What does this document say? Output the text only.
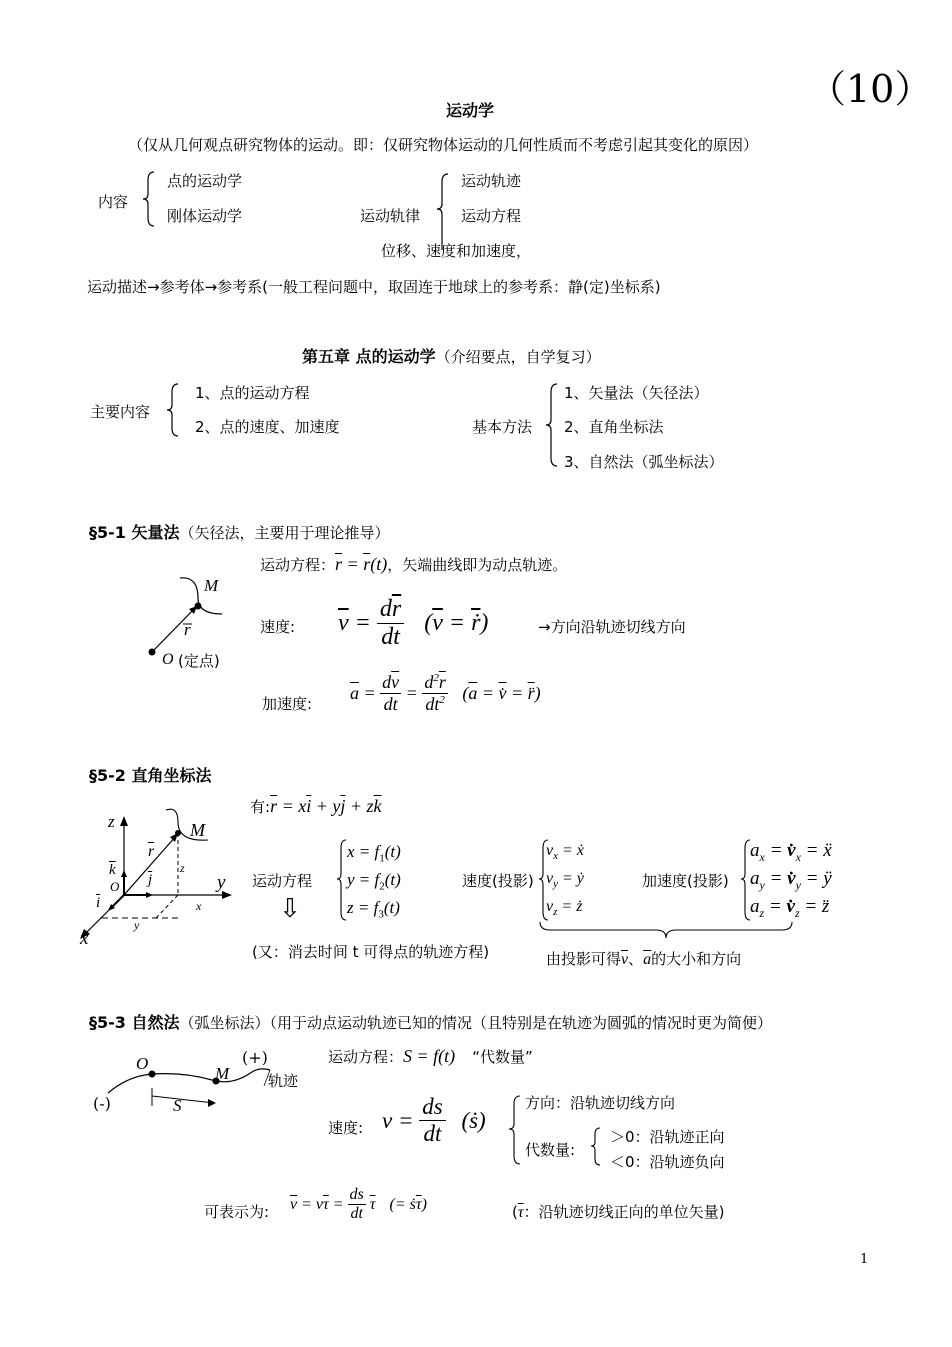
（10）
运动学
（仅从几何观点研究物体的运动。即：仅研究物体运动的几何性质而不考虑引起其变化的原因）
内容
点的运动学
刚体运动学	运动轨律
运动轨迹
运动方程
位移、速度和加速度，
运动描述→参考体→参考系(一般工程问题中，取固连于地球上的参考系：静(定)坐标系)
第五章 点的运动学（介绍要点，自学复习）
主要内容
1、点的运动方程
2、点的速度、加速度	基本方法
1、矢量法（矢径法）
2、直角坐标法
3、自然法（弧坐标法）
§5-1 矢量法（矢径法，主要用于理论推导）
M
r
O (定点)
运动方程：$\overline{r} = \overline{r}(t)$，矢端曲线即为动点轨迹。
速度: $\overline{v} = \frac{d\overline{r}}{dt} (\overline{v}$ = ṙ)	→方向沿轨迹切线方向
加速度:
$\overline{a} = \frac{d\overline{v}}{dt} = \frac{d^2\overline{r}}{dt^2} (\overline{a}$ = v̇ = r̈)
§5-2 直角坐标法
z
y
x
M
$\overline{r}$
$\overline{k}$
O $\overline{j}$
$\overline{i}$
z
x
y
有$:\overline{r} = x\overline{i} + y\overline{j} + z\overline{k}$
运动方程
⇩
$x = f_1(t)$
$y = f_2(t)$
$z = f_3(t)$
速度(投影)
$v_x$ = ẋ
$v_y$ = ẏ
$v_z$ = ż
加速度(投影)
$a_x$ = $v̇_x$ = ẍ
$a_y$ = $v̇_y$ = ÿ
$a_z$ = $v̇_z$ = z̈
(又：消去时间 t 可得点的轨迹方程)	由投影可得$\overline{v}$、$\overline{a}$的大小和方向
§5-3 自然法（弧坐标法）（用于动点运动轨迹已知的情况（且特别是在轨迹为圆弧的情况时更为简便）
O
M
(+)
(-)
轨迹
S
运动方程：S = f(t) “代数量”
速度: $v = \frac{ds}{dt}$ (ṡ)
方向：沿轨迹切线方向
代数量:
＞0：沿轨迹正向
＜0：沿轨迹负向
可表示为: $\overline{v} = v\overline{\tau} = \frac{ds}{dt} \overline{\tau}$ (= $ṡ\overline{\tau}$)	($\overline{\tau}$：沿轨迹切线正向的单位矢量)
1
